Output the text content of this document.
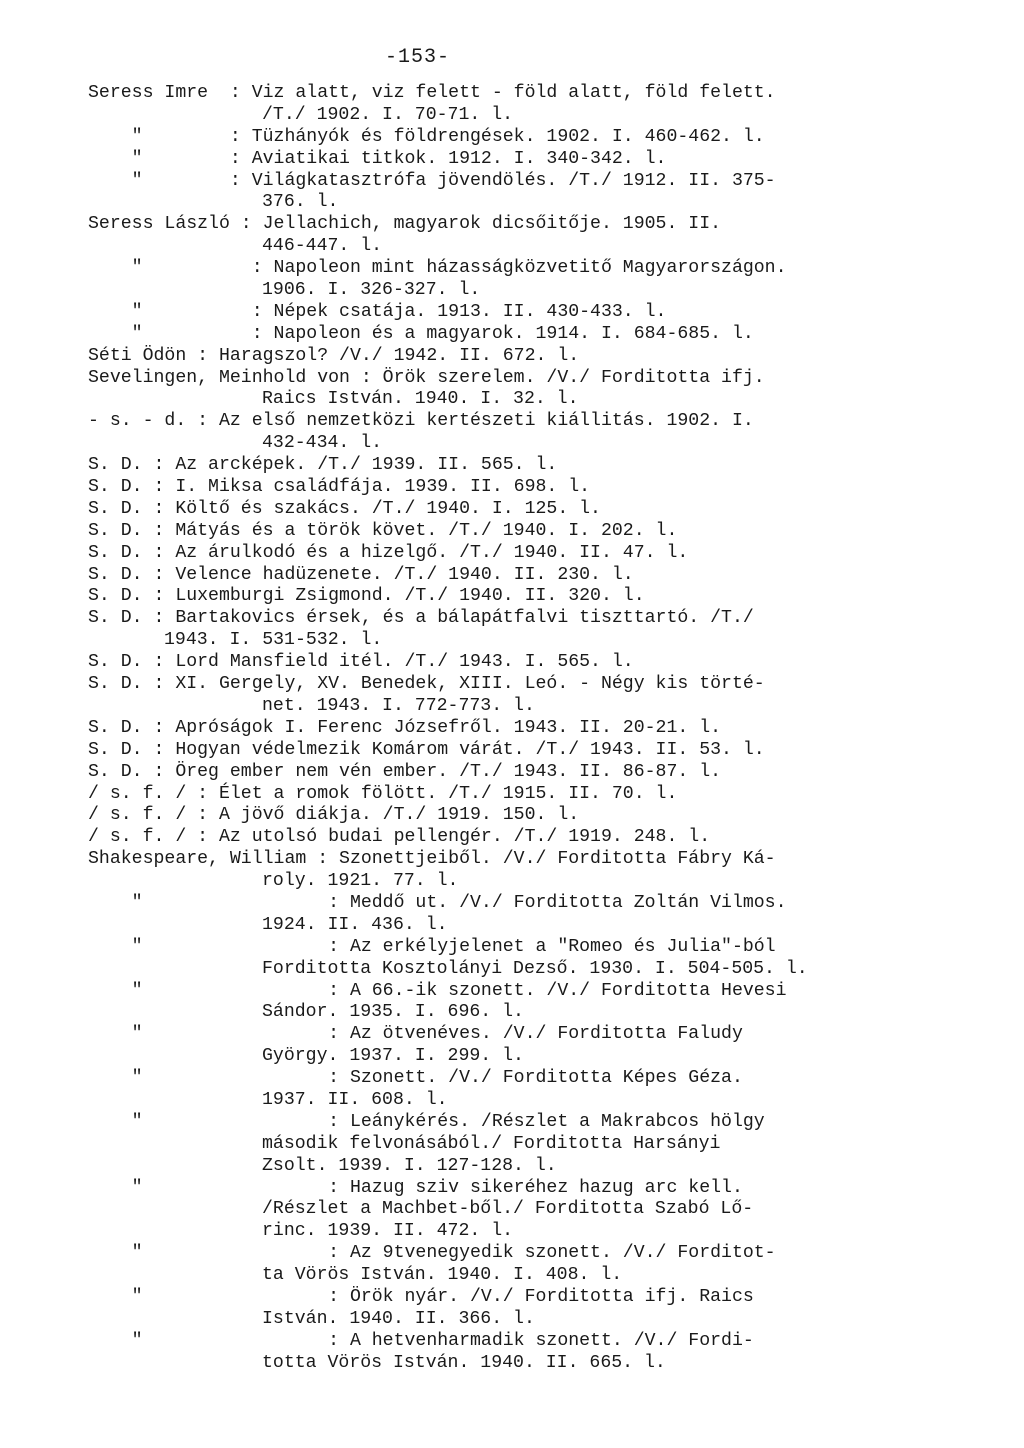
-153-
Seress Imre  : Viz alatt, viz felett - föld alatt, föld felett.
/T./ 1902. I. 70-71. l.
"        : Tüzhányók és földrengések. 1902. I. 460-462. l.
"        : Aviatikai titkok. 1912. I. 340-342. l.
"        : Világkatasztrófa jövendölés. /T./ 1912. II. 375-
376. l.
Seress László : Jellachich, magyarok dicsőitője. 1905. II.
446-447. l.
"          : Napoleon mint házasságközvetitő Magyarországon.
1906. I. 326-327. l.
"          : Népek csatája. 1913. II. 430-433. l.
"          : Napoleon és a magyarok. 1914. I. 684-685. l.
Séti Ödön : Haragszol? /V./ 1942. II. 672. l.
Sevelingen, Meinhold von : Örök szerelem. /V./ Forditotta ifj.
Raics István. 1940. I. 32. l.
- s. - d. : Az első nemzetközi kertészeti kiállitás. 1902. I.
432-434. l.
S. D. : Az arcképek. /T./ 1939. II. 565. l.
S. D. : I. Miksa családfája. 1939. II. 698. l.
S. D. : Költő és szakács. /T./ 1940. I. 125. l.
S. D. : Mátyás és a török követ. /T./ 1940. I. 202. l.
S. D. : Az árulkodó és a hizelgő. /T./ 1940. II. 47. l.
S. D. : Velence hadüzenete. /T./ 1940. II. 230. l.
S. D. : Luxemburgi Zsigmond. /T./ 1940. II. 320. l.
S. D. : Bartakovics érsek, és a bálapátfalvi tiszttartó. /T./
1943. I. 531-532. l.
S. D. : Lord Mansfield itél. /T./ 1943. I. 565. l.
S. D. : XI. Gergely, XV. Benedek, XIII. Leó. - Négy kis törté-
net. 1943. I. 772-773. l.
S. D. : Apróságok I. Ferenc Józsefről. 1943. II. 20-21. l.
S. D. : Hogyan védelmezik Komárom várát. /T./ 1943. II. 53. l.
S. D. : Öreg ember nem vén ember. /T./ 1943. II. 86-87. l.
/ s. f. / : Élet a romok fölött. /T./ 1915. II. 70. l.
/ s. f. / : A jövő diákja. /T./ 1919. 150. l.
/ s. f. / : Az utolsó budai pellengér. /T./ 1919. 248. l.
Shakespeare, William : Szonettjeiből. /V./ Forditotta Fábry Ká-
roly. 1921. 77. l.
"                 : Meddő ut. /V./ Forditotta Zoltán Vilmos.
1924. II. 436. l.
"                 : Az erkélyjelenet a "Romeo és Julia"-ból
Forditotta Kosztolányi Dezső. 1930. I. 504-505. l.
"                 : A 66.-ik szonett. /V./ Forditotta Hevesi
Sándor. 1935. I. 696. l.
"                 : Az ötvenéves. /V./ Forditotta Faludy
György. 1937. I. 299. l.
"                 : Szonett. /V./ Forditotta Képes Géza.
1937. II. 608. l.
"                 : Leánykérés. /Részlet a Makrabcos hölgy
második felvonásából./ Forditotta Harsányi
Zsolt. 1939. I. 127-128. l.
"                 : Hazug sziv sikeréhez hazug arc kell.
/Részlet a Machbet-ből./ Forditotta Szabó Lő-
rinc. 1939. II. 472. l.
"                 : Az 9tvenegyedik szonett. /V./ Forditot-
ta Vörös István. 1940. I. 408. l.
"                 : Örök nyár. /V./ Forditotta ifj. Raics
István. 1940. II. 366. l.
"                 : A hetvenharmadik szonett. /V./ Fordi-
totta Vörös István. 1940. II. 665. l.
